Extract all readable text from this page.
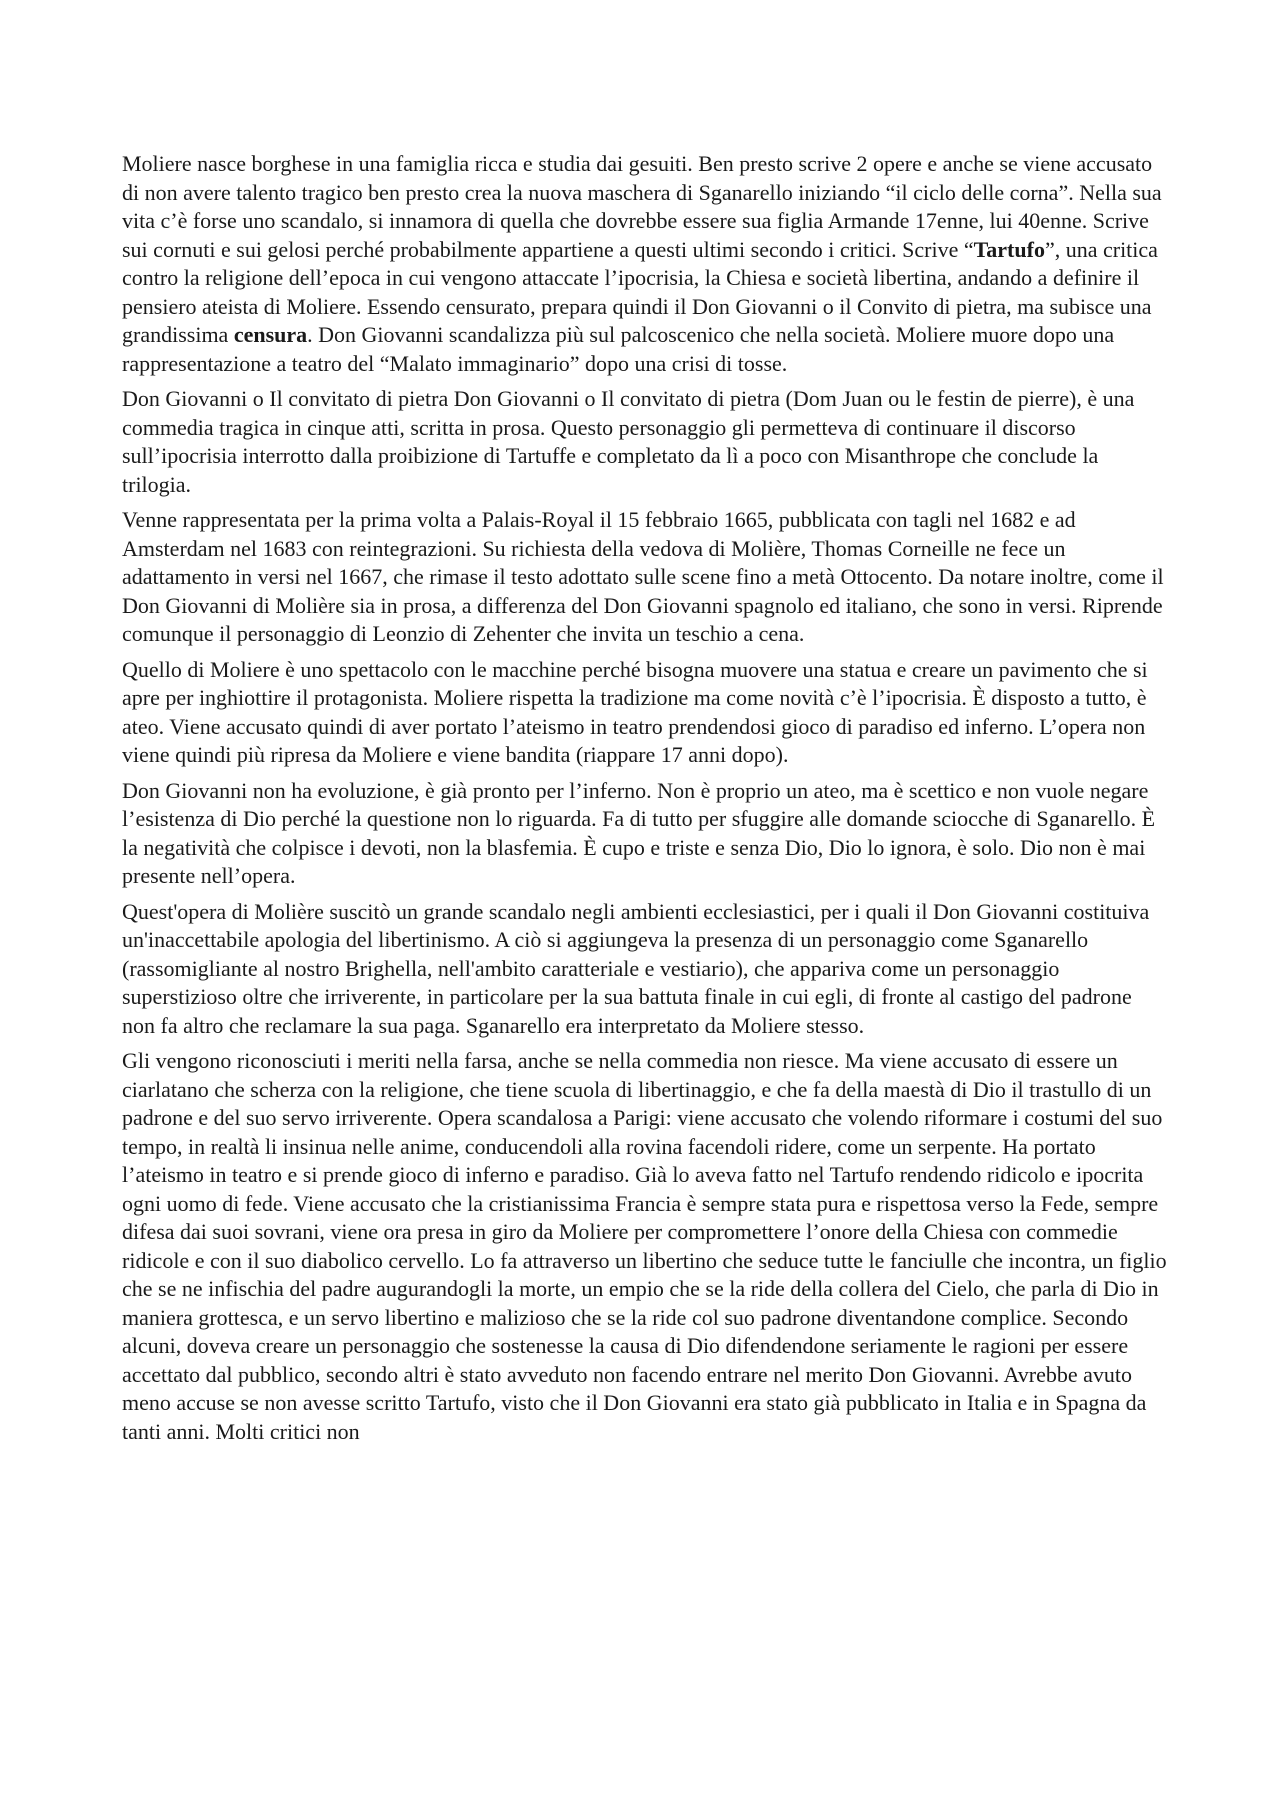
Moliere nasce borghese in una famiglia ricca e studia dai gesuiti. Ben presto scrive 2 opere e anche se viene accusato di non avere talento tragico ben presto crea la nuova maschera di Sganarello iniziando “il ciclo delle corna”. Nella sua vita c’è forse uno scandalo, si innamora di quella che dovrebbe essere sua figlia Armande 17enne, lui 40enne. Scrive sui cornuti e sui gelosi perché probabilmente appartiene a questi ultimi secondo i critici. Scrive “Tartufo”, una critica contro la religione dell’epoca in cui vengono attaccate l’ipocrisia, la Chiesa e società libertina, andando a definire il pensiero ateista di Moliere. Essendo censurato, prepara quindi il Don Giovanni o il Convito di pietra, ma subisce una grandissima censura. Don Giovanni scandalizza più sul palcoscenico che nella società. Moliere muore dopo una rappresentazione a teatro del “Malato immaginario” dopo una crisi di tosse.

Don Giovanni o Il convitato di pietra Don Giovanni o Il convitato di pietra (Dom Juan ou le festin de pierre), è una commedia tragica in cinque atti, scritta in prosa. Questo personaggio gli permetteva di continuare il discorso sull’ipocrisia interrotto dalla proibizione di Tartuffe e completato da lì a poco con Misanthrope che conclude la trilogia.

Venne rappresentata per la prima volta a Palais-Royal il 15 febbraio 1665, pubblicata con tagli nel 1682 e ad Amsterdam nel 1683 con reintegrazioni. Su richiesta della vedova di Molière, Thomas Corneille ne fece un adattamento in versi nel 1667, che rimase il testo adottato sulle scene fino a metà Ottocento. Da notare inoltre, come il Don Giovanni di Molière sia in prosa, a differenza del Don Giovanni spagnolo ed italiano, che sono in versi. Riprende comunque il personaggio di Leonzio di Zehenter che invita un teschio a cena.

Quello di Moliere è uno spettacolo con le macchine perché bisogna muovere una statua e creare un pavimento che si apre per inghiottire il protagonista. Moliere rispetta la tradizione ma come novità c’è l’ipocrisia. È disposto a tutto, è ateo. Viene accusato quindi di aver portato l’ateismo in teatro prendendosi gioco di paradiso ed inferno. L’opera non viene quindi più ripresa da Moliere e viene bandita (riappare 17 anni dopo).

Don Giovanni non ha evoluzione, è già pronto per l’inferno. Non è proprio un ateo, ma è scettico e non vuole negare l’esistenza di Dio perché la questione non lo riguarda. Fa di tutto per sfuggire alle domande sciocche di Sganarello. È la negatività che colpisce i devoti, non la blasfemia. È cupo e triste e senza Dio, Dio lo ignora, è solo. Dio non è mai presente nell’opera.

Quest'opera di Molière suscitò un grande scandalo negli ambienti ecclesiastici, per i quali il Don Giovanni costituiva un'inaccettabile apologia del libertinismo. A ciò si aggiungeva la presenza di un personaggio come Sganarello (rassomigliante al nostro Brighella, nell'ambito caratteriale e vestiario), che appariva come un personaggio superstizioso oltre che irriverente, in particolare per la sua battuta finale in cui egli, di fronte al castigo del padrone non fa altro che reclamare la sua paga. Sganarello era interpretato da Moliere stesso.

Gli vengono riconosciuti i meriti nella farsa, anche se nella commedia non riesce. Ma viene accusato di essere un ciarlatano che scherza con la religione, che tiene scuola di libertinaggio, e che fa della maestà di Dio il trastullo di un padrone e del suo servo irriverente. Opera scandalosa a Parigi: viene accusato che volendo riformare i costumi del suo tempo, in realtà li insinua nelle anime, conducendoli alla rovina facendoli ridere, come un serpente. Ha portato l’ateismo in teatro e si prende gioco di inferno e paradiso. Già lo aveva fatto nel Tartufo rendendo ridicolo e ipocrita ogni uomo di fede. Viene accusato che la cristianissima Francia è sempre stata pura e rispettosa verso la Fede, sempre difesa dai suoi sovrani, viene ora presa in giro da Moliere per compromettere l’onore della Chiesa con commedie ridicole e con il suo diabolico cervello. Lo fa attraverso un libertino che seduce tutte le fanciulle che incontra, un figlio che se ne infischia del padre augurandogli la morte, un empio che se la ride della collera del Cielo, che parla di Dio in maniera grottesca, e un servo libertino e malizioso che se la ride col suo padrone diventandone complice. Secondo alcuni, doveva creare un personaggio che sostenesse la causa di Dio difendendone seriamente le ragioni per essere accettato dal pubblico, secondo altri è stato avveduto non facendo entrare nel merito Don Giovanni. Avrebbe avuto meno accuse se non avesse scritto Tartufo, visto che il Don Giovanni era stato già pubblicato in Italia e in Spagna da tanti anni. Molti critici non
